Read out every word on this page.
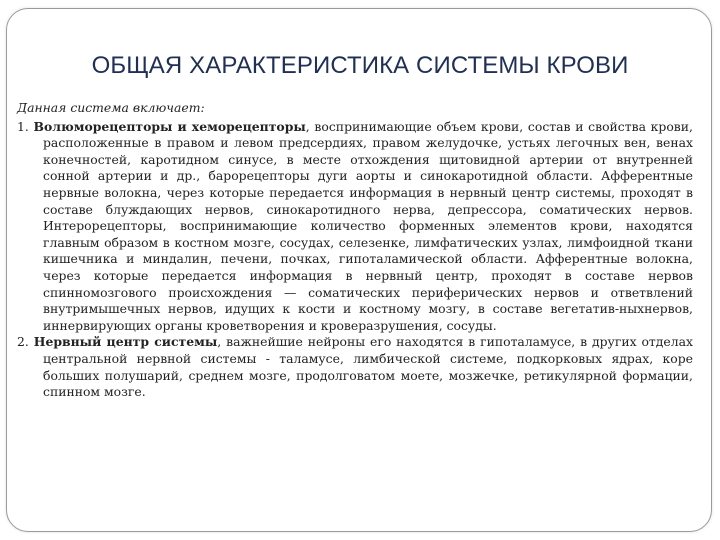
ОБЩАЯ ХАРАКТЕРИСТИКА СИСТЕМЫ КРОВИ

Данная система включает:

1. Волюморецепторы и хеморецепторы, воспринимающие объем крови, состав и свойства крови, расположенные в правом и левом предсердиях, правом желудочке, устьях легочных вен, венах конечностей, каротидном синусе, в месте отхождения щитовидной артерии от внутренней сонной артерии и др., барорецепторы дуги аорты и синокаротидной области. Афферентные нервные волокна, через которые передается информация в нервный центр системы, проходят в составе блуждающих нервов, синокаротидного нерва, депрессора, соматических нервов. Интерорецепторы, воспринимающие количество форменных элементов крови, находятся главным образом в костном мозге, сосудах, селезенке, лимфатических узлах, лимфоидной ткани кишечника и миндалин, печени, почках, гипоталамической области. Афферентные волокна, через которые передается информация в нервный центр, проходят в составе нервов спинномозгового происхождения — соматических периферических нервов и ответвлений внутримышечных нервов, идущих к кости и костному мозгу, в составе вегетатив-ныхнервов, иннервирующих органы кроветворения и кроверазрушения, сосуды.

2. Нервный центр системы, важнейшие нейроны его находятся в гипоталамусе, в других отделах центральной нервной системы - таламусе, лимбической системе, подкорковых ядрах, коре больших полушарий, среднем мозге, продолговатом моете, мозжечке, ретикулярной формации, спинном мозге.
